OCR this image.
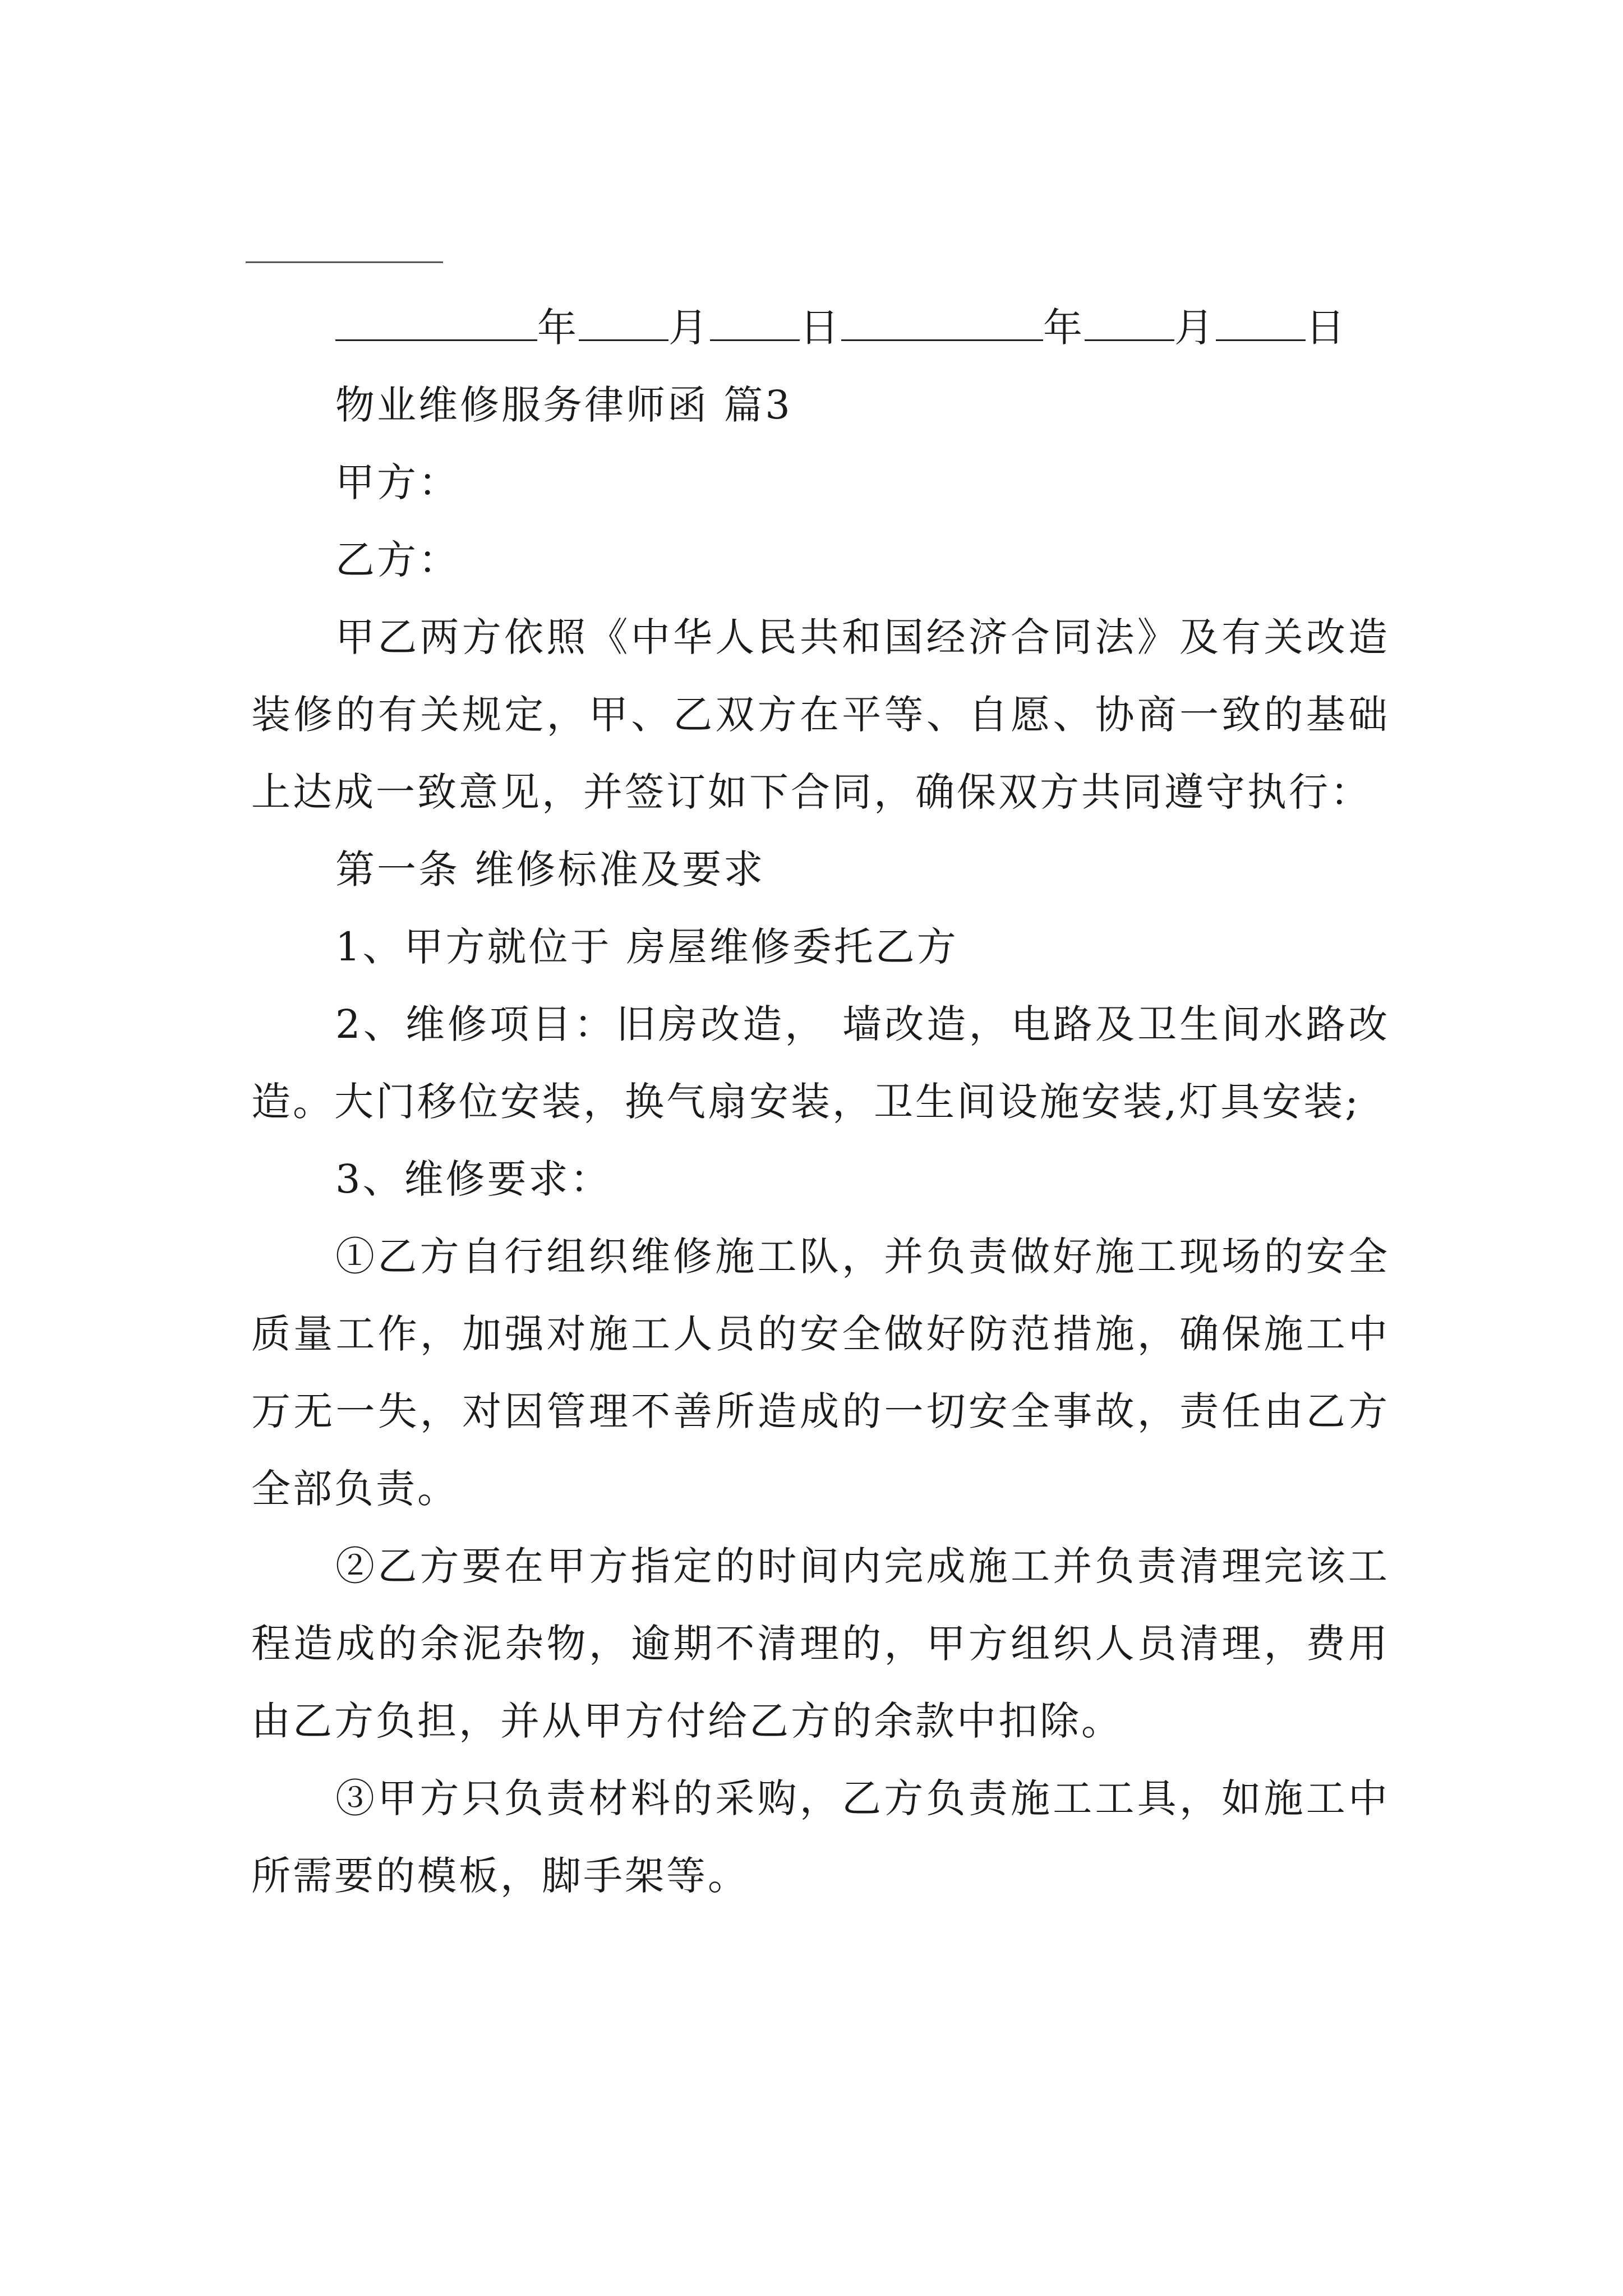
年 月 日	年 月 日
物业维修服务律师函 篇3
甲方：
乙方：

甲乙两方依照《中华人民共和国经济合同法》及有关改造装修的有关规定，甲、乙双方在平等、自愿、协商一致的基础上达成一致意见，并签订如下合同，确保双方共同遵守执行：

第一条 维修标准及要求
1、甲方就位于 房屋维修委托乙方

2、维修项目：旧房改造， 墙改造，电路及卫生间水路改造。大门移位安装，换气扇安装，卫生间设施安装,灯具安装;

3、维修要求：

①乙方自行组织维修施工队，并负责做好施工现场的安全质量工作，加强对施工人员的安全做好防范措施，确保施工中万无一失，对因管理不善所造成的一切安全事故，责任由乙方全部负责。

②乙方要在甲方指定的时间内完成施工并负责清理完该工程造成的余泥杂物，逾期不清理的，甲方组织人员清理，费用由乙方负担，并从甲方付给乙方的余款中扣除。

③甲方只负责材料的采购，乙方负责施工工具，如施工中所需要的模板，脚手架等。
